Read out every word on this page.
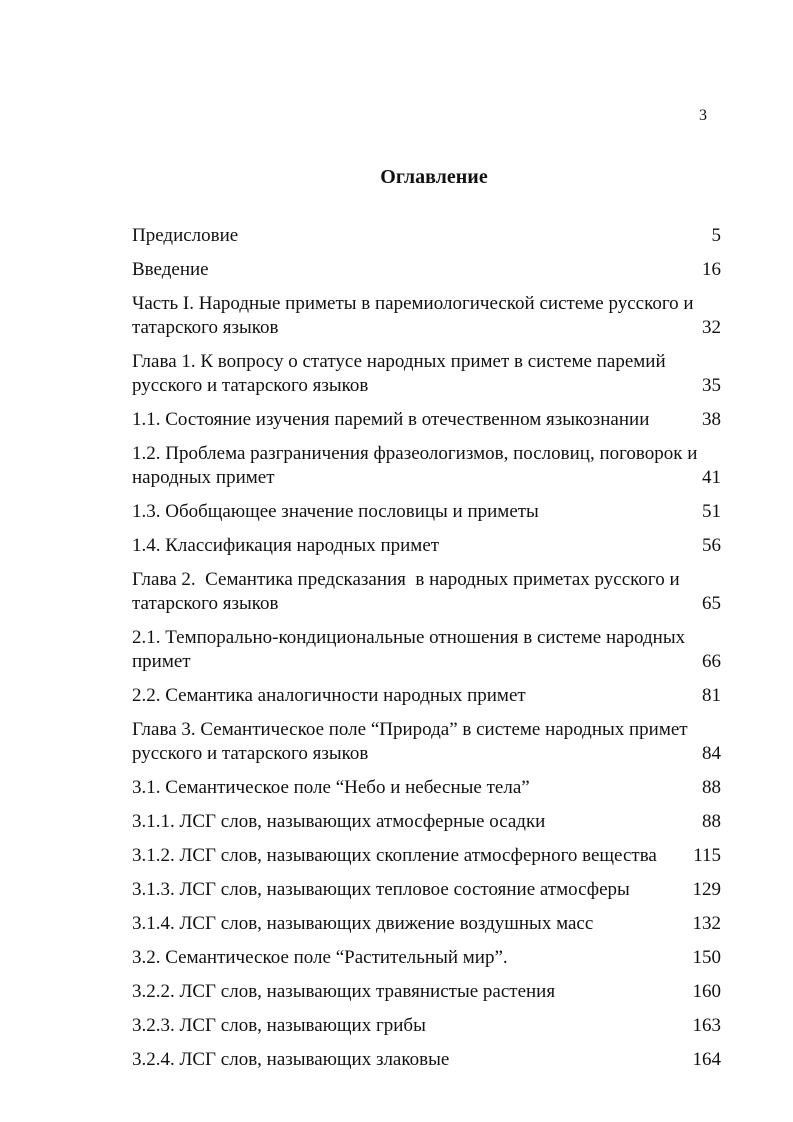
3
Оглавление
Предисловие	5
Введение	16
Часть I. Народные приметы в паремиологической системе русского и
татарского языков	32
Глава 1. К вопросу о статусе народных примет в системе паремий
русского и татарского языков	35
1.1. Состояние изучения паремий в отечественном языкознании	38
1.2. Проблема разграничения фразеологизмов, пословиц, поговорок и
народных примет	41
1.3. Обобщающее значение пословицы и приметы	51
1.4. Классификация народных примет	56
Глава 2.  Семантика предсказания  в народных приметах русского и
татарского языков	65
2.1. Темпорально-кондициональные отношения в системе народных
примет	66
2.2. Семантика аналогичности народных примет	81
Глава 3. Семантическое поле “Природа” в системе народных примет
русского и татарского языков	84
3.1. Семантическое поле “Небо и небесные тела”	88
3.1.1. ЛСГ слов, называющих атмосферные осадки	88
3.1.2. ЛСГ слов, называющих скопление атмосферного вещества 115
3.1.3. ЛСГ слов, называющих тепловое состояние атмосферы	129
3.1.4. ЛСГ слов, называющих движение воздушных масс	132
3.2. Семантическое поле “Растительный мир”.	150
3.2.2. ЛСГ слов, называющих травянистые растения	160
3.2.3. ЛСГ слов, называющих грибы	163
3.2.4. ЛСГ слов, называющих злаковые	164
